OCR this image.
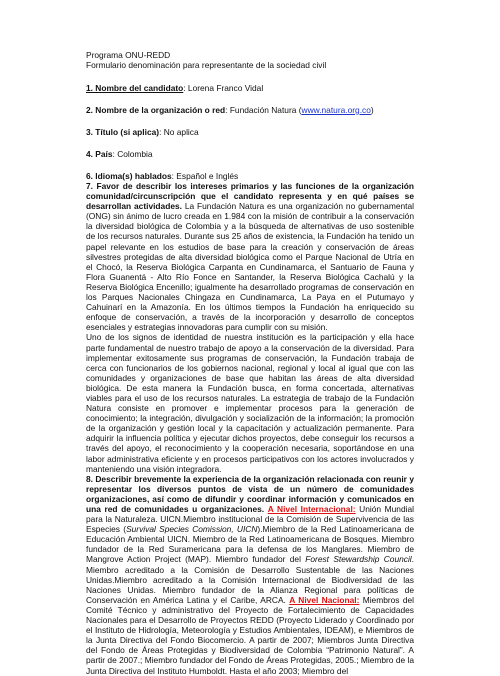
Programa ONU-REDD

Formulario denominación para representante de la sociedad civil

1. Nombre del candidato: Lorena Franco Vidal

2. Nombre de la organización o red: Fundación Natura (www.natura.org.co)

3. Título (si aplica): No aplica

4. País: Colombia

6. Idioma(s) hablados: Español e Inglés

7. Favor de describir los intereses primarios y las funciones de la organización comunidad/circunscripción que el candidato representa y en qué países se desarrollan actividades. La Fundación Natura es una organización no gubernamental (ONG) sin ánimo de lucro creada en 1.984 con la misión de contribuir a la conservación la diversidad biológica de Colombia y a la búsqueda de alternativas de uso sostenible de los recursos naturales. Durante sus 25 años de existencia, la Fundación ha tenido un papel relevante en los estudios de base para la creación y conservación de áreas silvestres protegidas de alta diversidad biológica como el Parque Nacional de Utría en el Chocó, la Reserva Biológica Carpanta en Cundinamarca, el Santuario de Fauna y Flora Guanentá - Alto Río Fonce en Santander, la Reserva Biológica Cachalú y la Reserva Biológica Encenillo; igualmente ha desarrollado programas de conservación en los Parques Nacionales Chingaza en Cundinamarca, La Paya en el Putumayo y Cahuinarí en la Amazonía. En los últimos tiempos la Fundación ha enriquecido su enfoque de conservación, a través de la incorporación y desarrollo de conceptos esenciales y estrategias innovadoras para cumplir con su misión.

Uno de los signos de identidad de nuestra institución es la participación y ella hace parte fundamental de nuestro trabajo de apoyo a la conservación de la diversidad. Para implementar exitosamente sus programas de conservación, la Fundación trabaja de cerca con funcionarios de los gobiernos nacional, regional y local al igual que con las comunidades y organizaciones de base que habitan las áreas de alta diversidad biológica. De esta manera la Fundación busca, en forma concertada, alternativas viables para el uso de los recursos naturales. La estrategia de trabajo de la Fundación Natura consiste en promover e implementar procesos para la generación de conocimiento; la integración, divulgación y socialización de la información; la promoción de la organización y gestión local y la capacitación y actualización permanente. Para adquirir la influencia política y ejecutar dichos proyectos, debe conseguir los recursos a través del apoyo, el reconocimiento y la cooperación necesaria, soportándose en una labor administrativa eficiente y en procesos participativos con los actores involucrados y manteniendo una visión integradora.

8. Describir brevemente la experiencia de la organización relacionada con reunir y representar los diversos puntos de vista de un número de comunidades organizaciones, así como de difundir y coordinar información y comunicados en una red de comunidades u organizaciones. A Nivel Internacional: Unión Mundial para la Naturaleza. UICN.Miembro institucional de la Comisión de Supervivencia de las Especies (Survival Species Comission, UICN).Miembro de la Red Latinoamericana de Educación Ambiental UICN. Miembro de la Red Latinoamericana de Bosques. Miembro fundador de la Red Suramericana para la defensa de los Manglares. Miembro de Mangrove Action Project (MAP). Miembro fundador del Forest Stewardship Council. Miembro acreditado a la Comisión de Desarrollo Sustentable de las Naciones Unidas.Miembro acreditado a la Comisión Internacional de Biodiversidad de las Naciones Unidas. Miembro fundador de la Alianza Regional para políticas de Conservación en América Latina y el Caribe, ARCA. A Nivel Nacional: Miembros del Comité Técnico y administrativo del Proyecto de Fortalecimiento de Capacidades Nacionales para el Desarrollo de Proyectos REDD (Proyecto Liderado y Coordinado por el Instituto de Hidrología, Meteorología y Estudios Ambientales, IDEAM), e Miembros de la Junta Directiva del Fondo Biocomercio. A partir de 2007; Miembros Junta Directiva del Fondo de Áreas Protegidas y Biodiversidad de Colombia “Patrimonio Natural”. A partir de 2007.; Miembro fundador del Fondo de Áreas Protegidas, 2005.; Miembro de la Junta Directiva del Instituto Humboldt. Hasta el año 2003; Miembro del
